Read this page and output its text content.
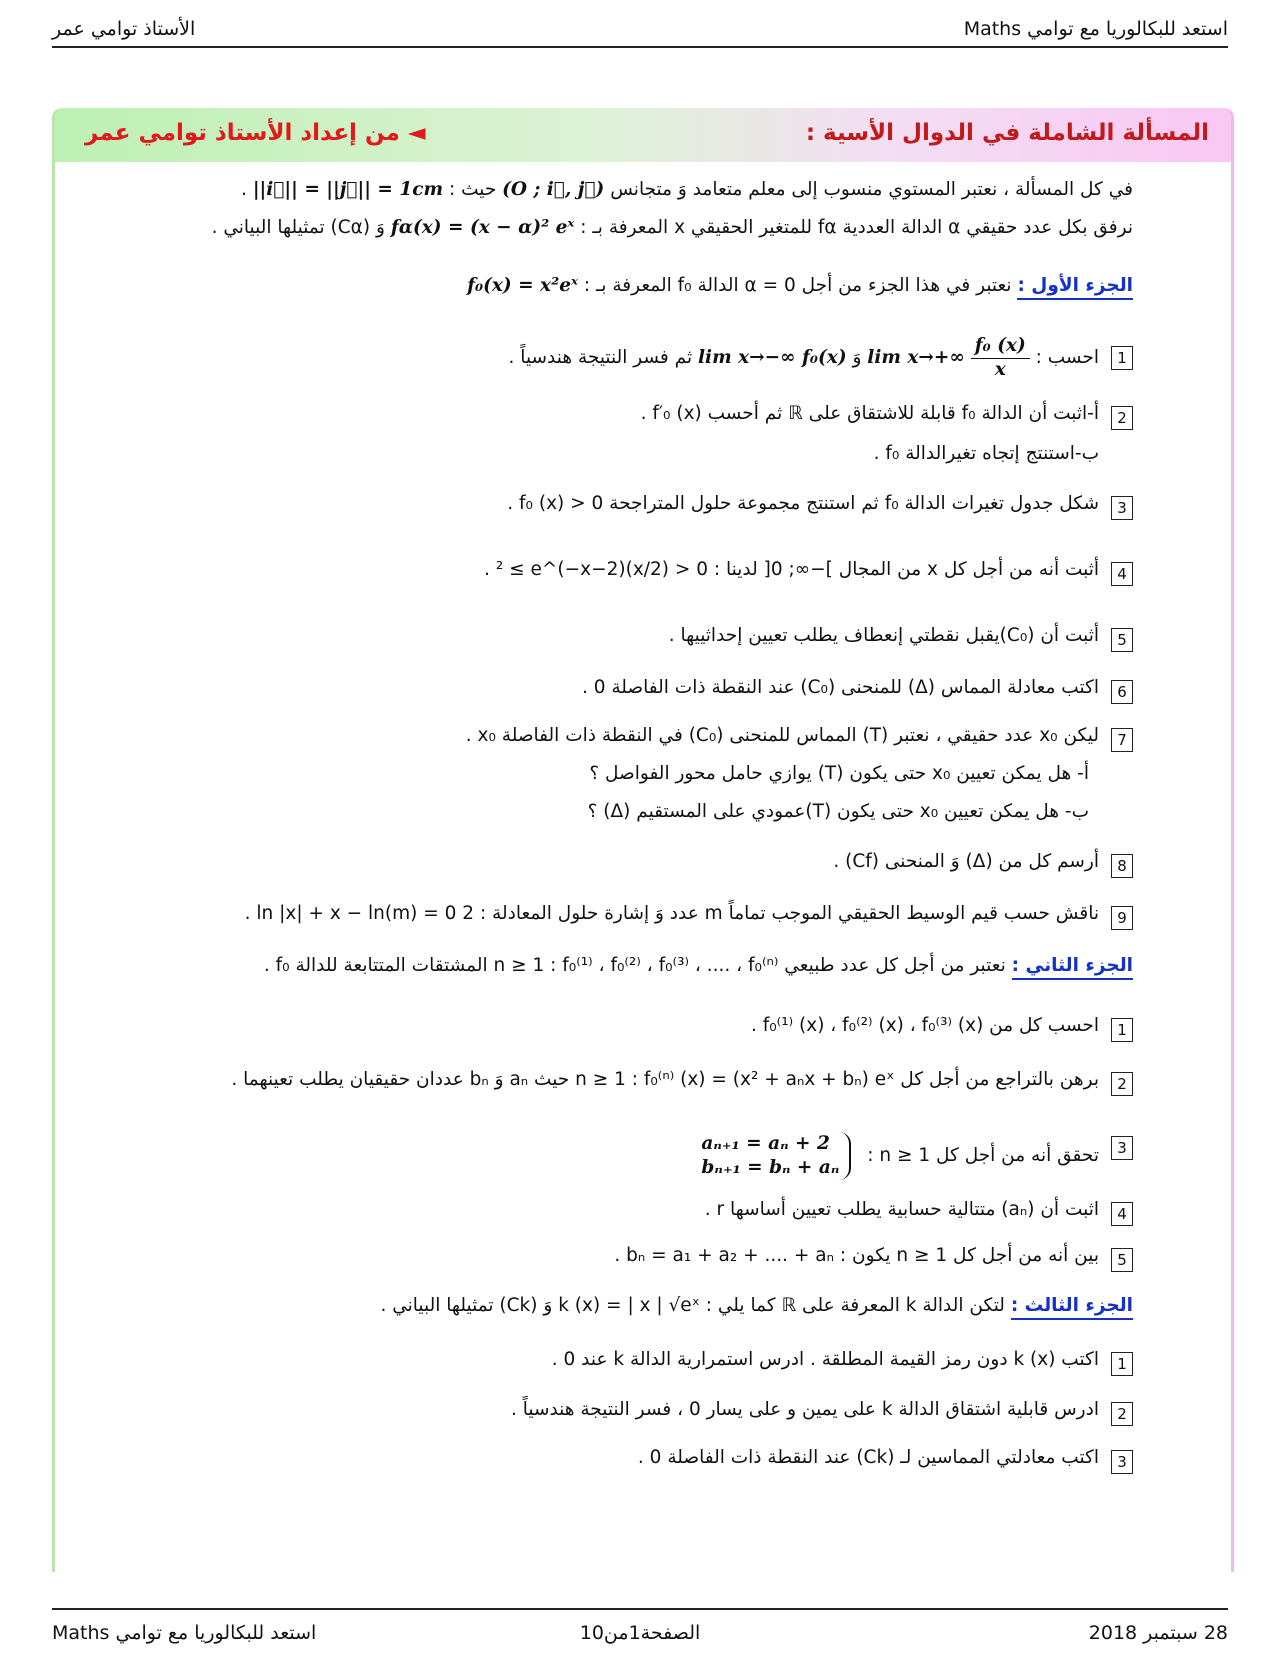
استعد للبكالوريا مع توامي Maths
الأستاذ توامي عمر
المسألة الشاملة في الدوال الأسية :
◄ من إعداد الأستاذ توامي عمر
في كل المسألة ، نعتبر المستوي منسوب إلى معلم متعامد وَ متجانس (O ; i⃗, j⃗) حيث : ||i⃗|| = ||j⃗|| = 1cm .
نرفق بكل عدد حقيقي α الدالة العددية fα للمتغير الحقيقي x المعرفة بـ : fα(x) = (x − α)² eˣ وَ (Cα) تمثيلها البياني .
الجزء الأول : نعتبر في هذا الجزء من أجل α = 0 الدالة f₀ المعرفة بـ : f₀(x) = x²eˣ
1
احسب :
$\frac{\text{f₀ (x)}}{x}$
lim x→+∞ وَ lim x→−∞ f₀(x) ثم فسر النتيجة هندسياً .
2
أ-اثبت أن الدالة f₀ قابلة للاشتقاق على ℝ ثم أحسب f′₀ (x) .
ب-استنتج إتجاه تغيرالدالة f₀ .
3
شكل جدول تغيرات الدالة f₀ ثم استنتج مجموعة حلول المتراجحة f₀ (x) > 0 .
4
أثبت أنه من أجل كل x من المجال ]−∞; 0[ لدينا : 0 < (x/2)² ≤ e^(−x−2) .
5
أثبت أن (C₀)يقبل نقطتي إنعطاف يطلب تعيين إحداثييها .
6
اكتب معادلة المماس (Δ) للمنحنى (C₀) عند النقطة ذات الفاصلة 0 .
7
ليكن x₀ عدد حقيقي ، نعتبر (T) المماس للمنحنى (C₀) في النقطة ذات الفاصلة x₀ .
أ- هل يمكن تعيين x₀ حتى يكون (T) يوازي حامل محور الفواصل ؟
ب- هل يمكن تعيين x₀ حتى يكون (T)عمودي على المستقيم (Δ) ؟
8
أرسم كل من (Δ) وَ المنحنى (Cf) .
9
ناقش حسب قيم الوسيط الحقيقي الموجب تماماً m عدد وَ إشارة حلول المعادلة : 2 ln |x| + x − ln(m) = 0 .
الجزء الثاني : نعتبر من أجل كل عدد طبيعي n ≥ 1 : f₀⁽¹⁾ ، f₀⁽²⁾ ، f₀⁽³⁾ ، .... ، f₀⁽ⁿ⁾ المشتقات المتتابعة للدالة f₀ .
1
احسب كل من f₀⁽¹⁾ (x) ، f₀⁽²⁾ (x) ، f₀⁽³⁾ (x) .
2
برهن بالتراجع من أجل كل n ≥ 1 : f₀⁽ⁿ⁾ (x) = (x² + aₙx + bₙ) eˣ حيث aₙ وَ bₙ عددان حقيقيان يطلب تعينهما .
3
تحقق أنه من أجل كل n ≥ 1 :
aₙ₊₁ = aₙ + 2
bₙ₊₁ = bₙ + aₙ
4
اثبت أن (aₙ) متتالية حسابية يطلب تعيين أساسها r .
5
بين أنه من أجل كل n ≥ 1 يكون : bₙ = a₁ + a₂ + .... + aₙ .
الجزء الثالث : لتكن الدالة k المعرفة على ℝ كما يلي : k (x) = | x | √eˣ وَ (Ck) تمثيلها البياني .
1
اكتب k (x) دون رمز القيمة المطلقة . ادرس استمرارية الدالة k عند 0 .
2
ادرس قابلية اشتقاق الدالة k على يمين و على يسار 0 ، فسر النتيجة هندسياً .
3
اكتب معادلتي المماسين لـ (Ck) عند النقطة ذات الفاصلة 0 .
28 سبتمبر 2018
الصفحة1من10
استعد للبكالوريا مع توامي Maths
